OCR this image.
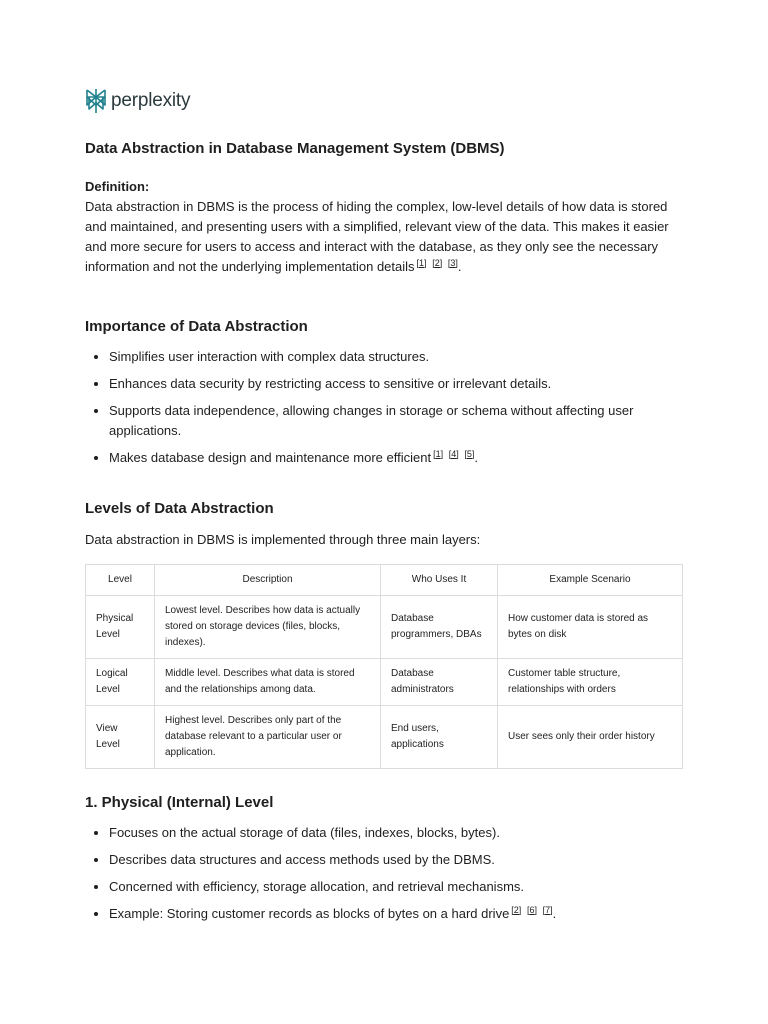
perplexity
Data Abstraction in Database Management System (DBMS)
Definition:

Data abstraction in DBMS is the process of hiding the complex, low-level details of how data is stored and maintained, and presenting users with a simplified, relevant view of the data. This makes it easier and more secure for users to access and interact with the database, as they only see the necessary information and not the underlying implementation details [1] [2] [3].

Importance of Data Abstraction
• Simplifies user interaction with complex data structures.
• Enhances data security by restricting access to sensitive or irrelevant details.
• Supports data independence, allowing changes in storage or schema without affecting user applications.
• Makes database design and maintenance more efficient [1] [4] [5].
Levels of Data Abstraction

Data abstraction in DBMS is implemented through three main layers:

Level	Description	Who Uses It	Example Scenario
Physical Level	Lowest level. Describes how data is actually stored on storage devices (files, blocks, indexes).	Database programmers, DBAs	How customer data is stored as bytes on disk
Logical Level	Middle level. Describes what data is stored and the relationships among data.	Database administrators	Customer table structure, relationships with orders
View Level	Highest level. Describes only part of the database relevant to a particular user or application.	End users, applications	User sees only their order history
1. Physical (Internal) Level
• Focuses on the actual storage of data (files, indexes, blocks, bytes).
• Describes data structures and access methods used by the DBMS.
• Concerned with efficiency, storage allocation, and retrieval mechanisms.
• Example: Storing customer records as blocks of bytes on a hard drive [2] [6] [7].
